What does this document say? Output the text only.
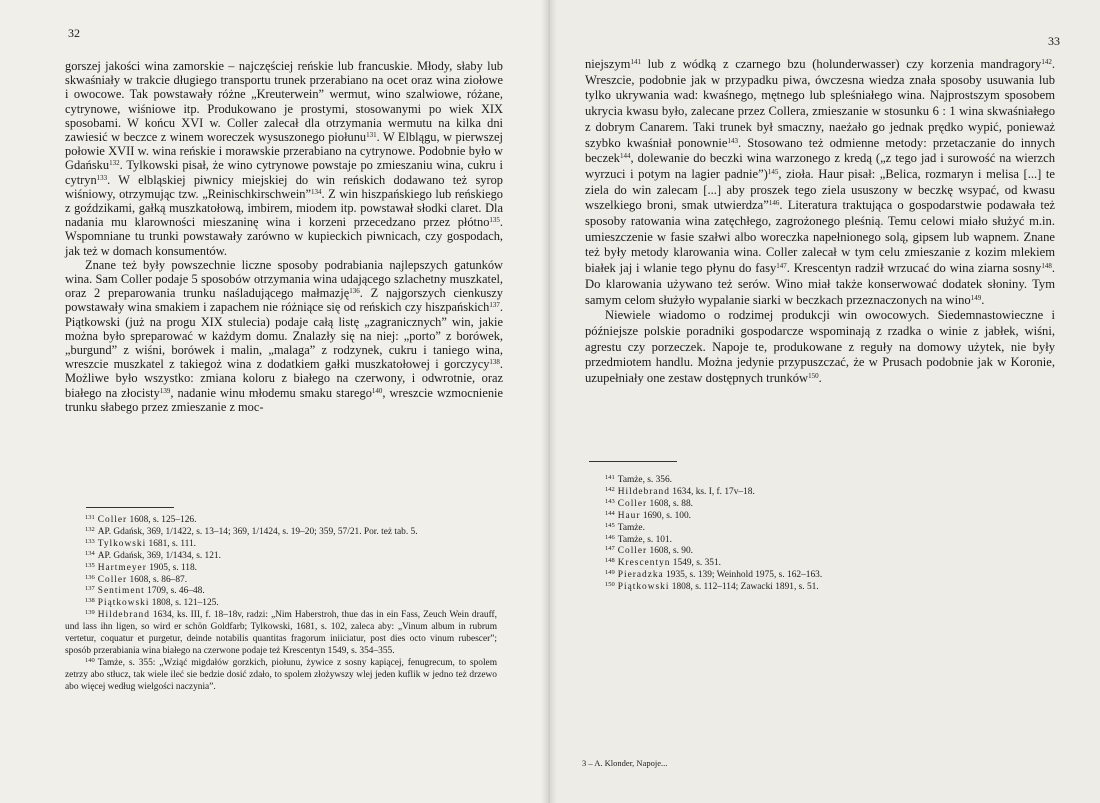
32

gorszej jakości wina zamorskie – najczęściej reńskie lub francuskie. Młody, słaby lub skwaśniały w trakcie długiego transportu trunek przerabiano na ocet oraz wina ziołowe i owocowe. Tak powstawały różne „Kreuterwein” wermut, wino szalwiowe, różane, cytrynowe, wiśniowe itp. Produkowano je prostymi, stosowanymi po wiek XIX sposobami. W końcu XVI w. Coller zalecał dla otrzymania wermutu na kilka dni zawiesić w beczce z winem woreczek wysuszonego piołunu$^{131}$. W Elblągu, w pierwszej połowie XVII w. wina reńskie i morawskie przerabiano na cytrynowe. Podobnie było w Gdańsku$^{132}$. Tylkowski pisał, że wino cytrynowe powstaje po zmieszaniu wina, cukru i cytryn$^{133}$. W elbląskiej piwnicy miejskiej do win reńskich dodawano też syrop wiśniowy, otrzymując tzw. „Reinischkirschwein”$^{134}$. Z win hiszpańskiego lub reńskiego z goździkami, gałką muszkatołową, imbirem, miodem itp. powstawał słodki claret. Dla nadania mu klarowności mieszaninę wina i korzeni przecedzano przez płótno$^{135}$. Wspomniane tu trunki powstawały zarówno w kupieckich piwnicach, czy gospodach, jak też w domach konsumentów.

Znane też były powszechnie liczne sposoby podrabiania najlepszych gatunków wina. Sam Coller podaje 5 sposobów otrzymania wina udającego szlachetny muszkatel, oraz 2 preparowania trunku naśladującego małmazję$^{136}$. Z najgorszych cienkuszy powstawały wina smakiem i zapachem nie różniące się od reńskich czy hiszpańskich$^{137}$. Piątkowski (już na progu XIX stulecia) podaje całą listę „zagranicznych” win, jakie można było spreparować w każdym domu. Znalazły się na niej: „porto” z borówek, „burgund” z wiśni, borówek i malin, „malaga” z rodzynek, cukru i taniego wina, wreszcie muszkatel z takiegoż wina z dodatkiem gałki muszkatołowej i gorczycy$^{138}$. Możliwe było wszystko: zmiana koloru z białego na czerwony, i odwrotnie, oraz białego na złocisty$^{139}$, nadanie winu młodemu smaku starego$^{140}$, wreszcie wzmocnienie trunku słabego przez zmieszanie z moc-

$^{131}$ Coller 1608, s. 125–126.

$^{132}$ AP. Gdańsk, 369, 1/1422, s. 13–14; 369, 1/1424, s. 19–20; 359, 57/21. Por. też tab. 5.

$^{133}$ Tylkowski 1681, s. 111.

$^{134}$ AP. Gdańsk, 369, 1/1434, s. 121.

$^{135}$ Hartmeyer 1905, s. 118.

$^{136}$ Coller 1608, s. 86–87.

$^{137}$ Sentiment 1709, s. 46–48.

$^{138}$ Piątkowski 1808, s. 121–125.

$^{139}$ Hildebrand 1634, ks. III, f. 18–18v, radzi: „Nim Haberstroh, thue das in ein Fass, Zeuch Wein drauff, und lass ihn ligen, so wird er schön Goldfarb; Tylkowski, 1681, s. 102, zaleca aby: „Vinum album in rubrum vertetur, coquatur et purgetur, deinde notabilis quantitas fragorum iniiciatur, post dies octo vinum rubescer”; sposób przerabiania wina białego na czerwone podaje też Krescentyn 1549, s. 354–355.

$^{140}$ Tamże, s. 355: „Wziąć migdałów gorzkich, piołunu, żywice z sosny kapiącej, fenugrecum, to spolem zetrzy abo stłucz, tak wiele ileć sie bedzie dosić zdało, to spolem złożywszy wlej jeden kuflik w jedno też drzewo abo więcej według wielgości naczynia”.

33

niejszym$^{141}$ lub z wódką z czarnego bzu (holunderwasser) czy korzenia mandragory$^{142}$. Wreszcie, podobnie jak w przypadku piwa, ówczesna wiedza znała sposoby usuwania lub tylko ukrywania wad: kwaśnego, mętnego lub spleśniałego wina. Najprostszym sposobem ukrycia kwasu było, zalecane przez Collera, zmieszanie w stosunku 6 : 1 wina skwaśniałego z dobrym Canarem. Taki trunek był smaczny, naeżało go jednak prędko wypić, ponieważ szybko kwaśniał ponownie$^{143}$. Stosowano też odmienne metody: przetaczanie do innych beczek$^{144}$, dolewanie do beczki wina warzonego z kredą („z tego jad i surowość na wierzch wyrzuci i potym na lagier padnie”)$^{145}$, zioła. Haur pisał: „Belica, rozmaryn i melisa [...] te ziela do win zalecam [...] aby proszek tego ziela ususzony w beczkę wsypać, od kwasu wszelkiego broni, smak utwierdza”$^{146}$. Literatura traktująca o gospodarstwie podawała też sposoby ratowania wina zatęchłego, zagrożonego pleśnią. Temu celowi miało służyć m.in. umieszczenie w fasie szałwi albo woreczka napełnionego solą, gipsem lub wapnem. Znane też były metody klarowania wina. Coller zalecał w tym celu zmieszanie z kozim mlekiem białek jaj i wlanie tego płynu do fasy$^{147}$. Krescentyn radził wrzucać do wina ziarna sosny$^{148}$. Do klarowania używano też serów. Wino miał także konserwować dodatek słoniny. Tym samym celom służyło wypalanie siarki w beczkach przeznaczonych na wino$^{149}$.

Niewiele wiadomo o rodzimej produkcji win owocowych. Siedemnastowieczne i późniejsze polskie poradniki gospodarcze wspominają z rzadka o winie z jabłek, wiśni, agrestu czy porzeczek. Napoje te, produkowane z reguły na domowy użytek, nie były przedmiotem handlu. Można jedynie przypuszczać, że w Prusach podobnie jak w Koronie, uzupełniały one zestaw dostępnych trunków$^{150}$.

$^{141}$ Tamże, s. 356.

$^{142}$ Hildebrand 1634, ks. I, f. 17v–18.

$^{143}$ Coller 1608, s. 88.

$^{144}$ Haur 1690, s. 100.

$^{145}$ Tamże.

$^{146}$ Tamże, s. 101.

$^{147}$ Coller 1608, s. 90.

$^{148}$ Krescentyn 1549, s. 351.

$^{149}$ Pieradzka 1935, s. 139; Weinhold 1975, s. 162–163.

$^{150}$ Piątkowski 1808, s. 112–114; Zawacki 1891, s. 51.

3 – A. Klonder, Napoje...
